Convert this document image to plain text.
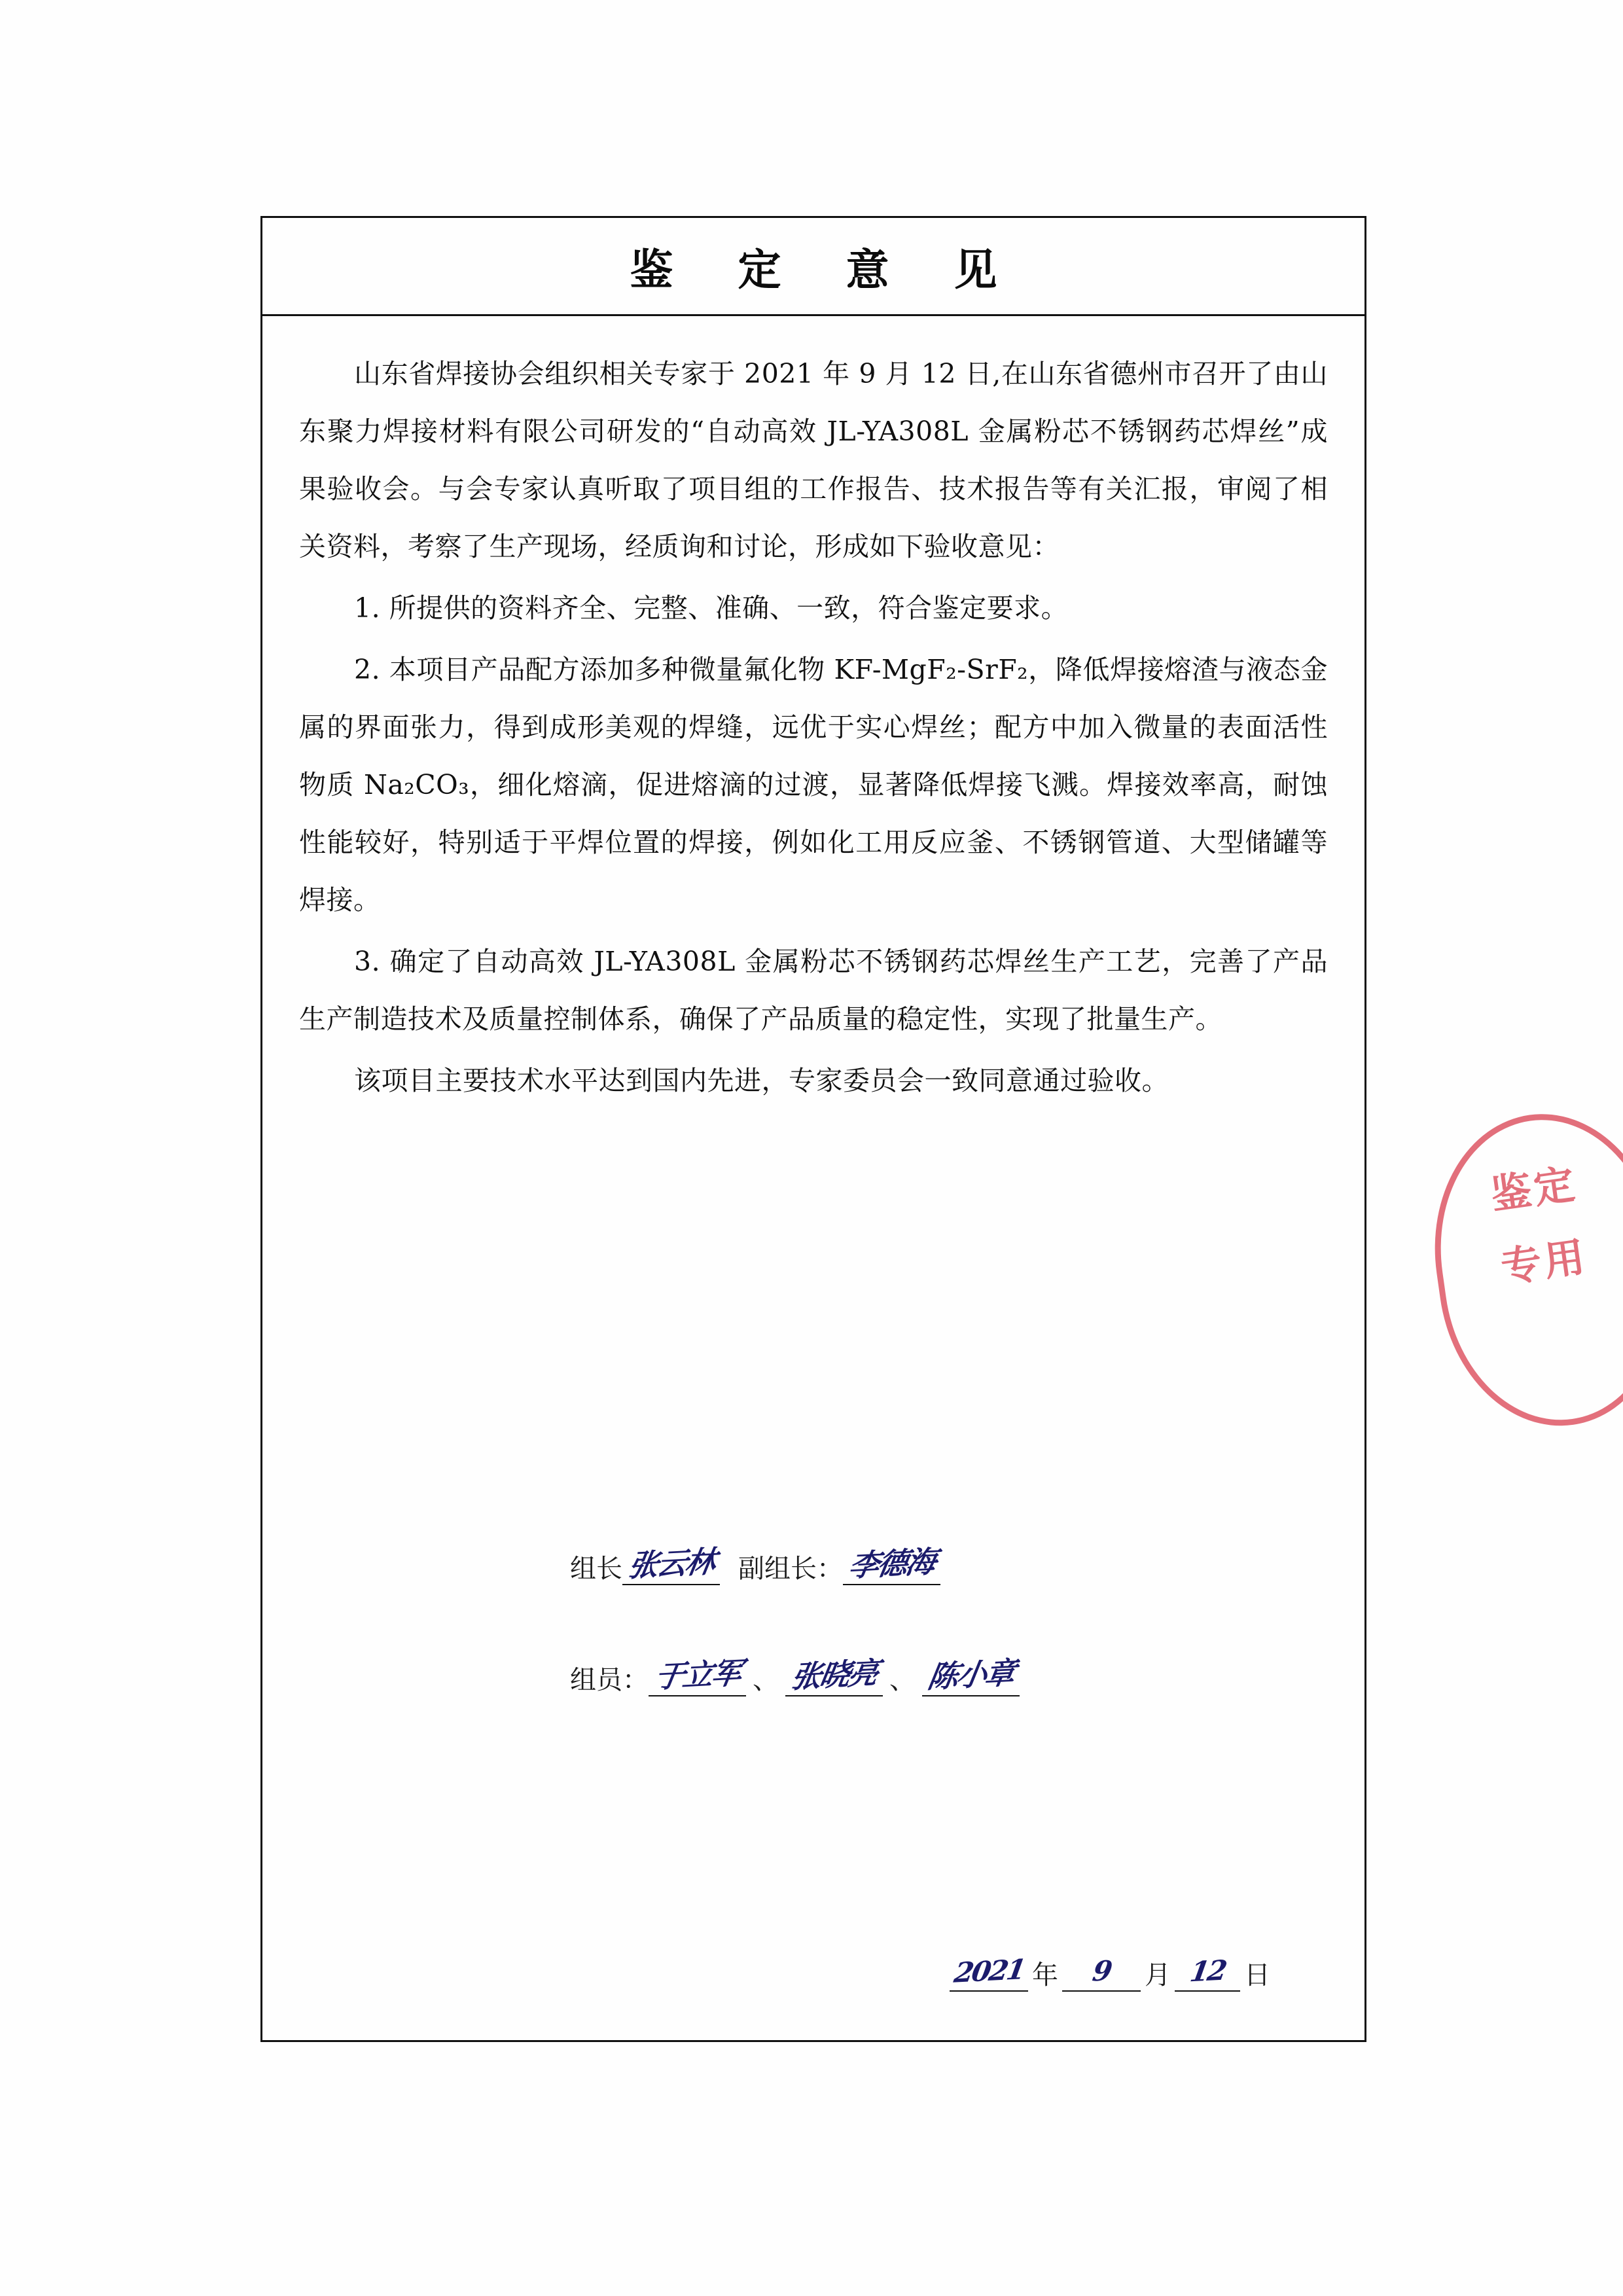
鉴 定 意 见

山东省焊接协会组织相关专家于 2021 年 9 月 12 日,在山东省德州市召开了由山东聚力焊接材料有限公司研发的“自动高效 JL-YA308L 金属粉芯不锈钢药芯焊丝”成果验收会。与会专家认真听取了项目组的工作报告、技术报告等有关汇报，审阅了相关资料，考察了生产现场，经质询和讨论，形成如下验收意见：

1. 所提供的资料齐全、完整、准确、一致，符合鉴定要求。

2. 本项目产品配方添加多种微量氟化物 KF-MgF₂-SrF₂，降低焊接熔渣与液态金属的界面张力，得到成形美观的焊缝，远优于实心焊丝；配方中加入微量的表面活性物质 Na₂CO₃，细化熔滴，促进熔滴的过渡，显著降低焊接飞溅。焊接效率高，耐蚀性能较好，特别适于平焊位置的焊接，例如化工用反应釜、不锈钢管道、大型储罐等焊接。

3. 确定了自动高效 JL-YA308L 金属粉芯不锈钢药芯焊丝生产工艺，完善了产品生产制造技术及质量控制体系，确保了产品质量的稳定性，实现了批量生产。

该项目主要技术水平达到国内先进，专家委员会一致同意通过验收。

组长 张云林 副组长： 李德海
组员： 于立军 、 张晓亮 、 陈小章
2021 年	9	月 12 日
鉴定专用
